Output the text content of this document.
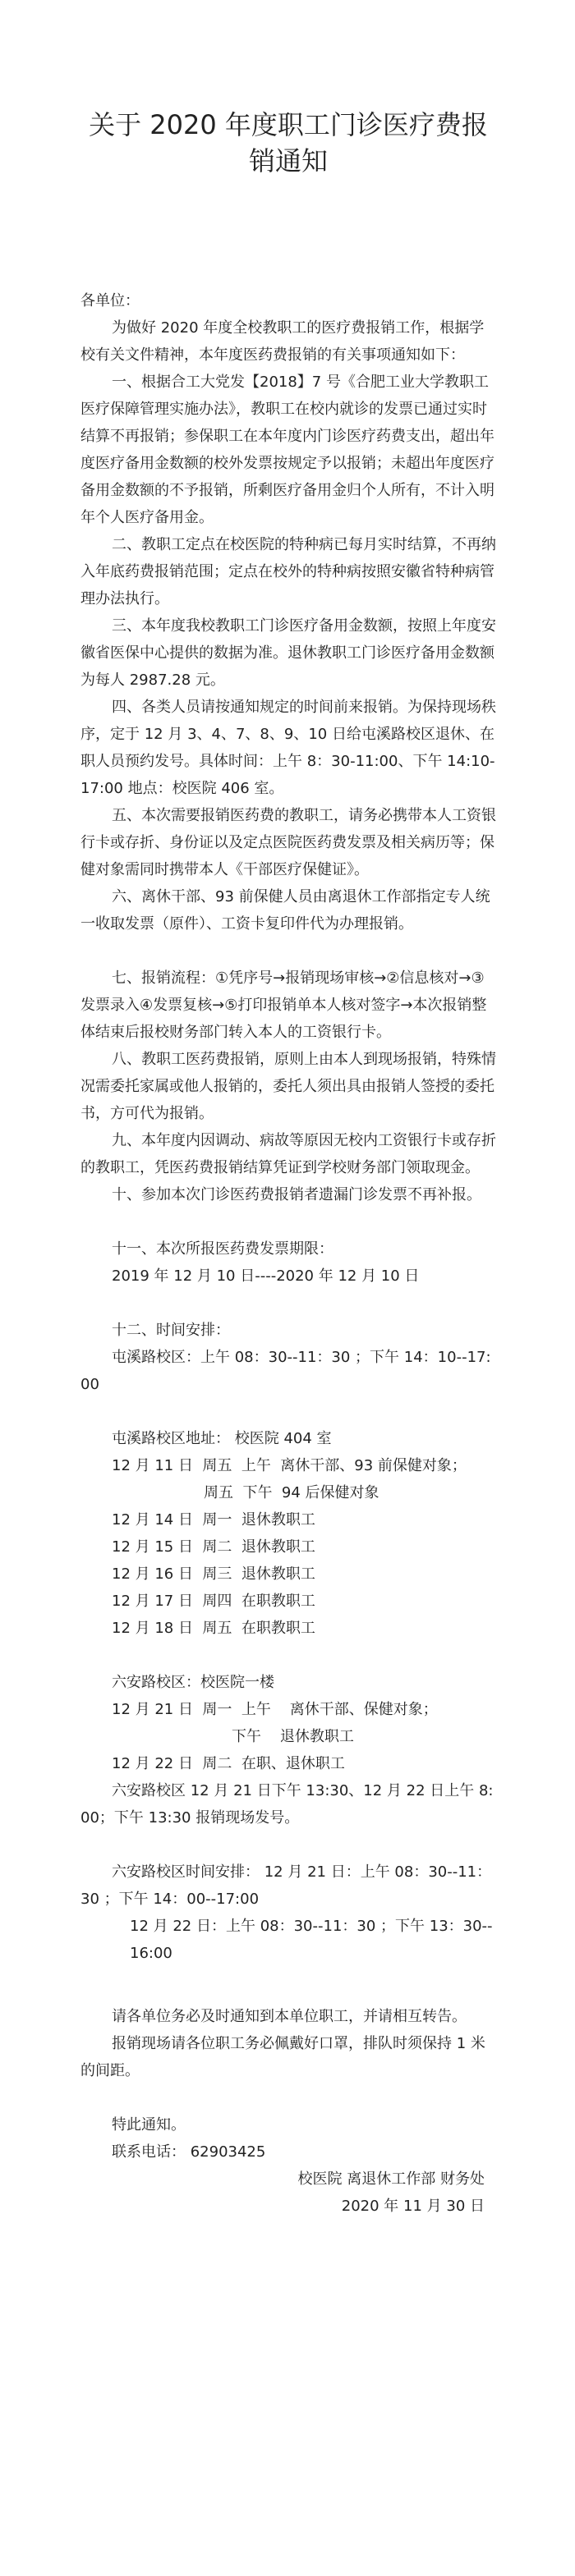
关于 2020 年度职工门诊医疗费报销通知

各单位：

为做好 2020 年度全校教职工的医疗费报销工作，根据学校有关文件精神，本年度医药费报销的有关事项通知如下：

一、根据合工大党发【2018】7 号《合肥工业大学教职工医疗保障管理实施办法》，教职工在校内就诊的发票已通过实时结算不再报销；参保职工在本年度内门诊医疗药费支出，超出年度医疗备用金数额的校外发票按规定予以报销；未超出年度医疗备用金数额的不予报销，所剩医疗备用金归个人所有，不计入明年个人医疗备用金。

二、教职工定点在校医院的特种病已每月实时结算，不再纳入年底药费报销范围；定点在校外的特种病按照安徽省特种病管理办法执行。

三、本年度我校教职工门诊医疗备用金数额，按照上年度安徽省医保中心提供的数据为准。退休教职工门诊医疗备用金数额为每人 2987.28 元。

四、各类人员请按通知规定的时间前来报销。为保持现场秩序，定于 12 月 3、4、7、8、9、10 日给屯溪路校区退休、在职人员预约发号。具体时间：上午 8：30-11:00、下午 14:10-17:00 地点：校医院 406 室。

五、本次需要报销医药费的教职工，请务必携带本人工资银行卡或存折、身份证以及定点医院医药费发票及相关病历等；保健对象需同时携带本人《干部医疗保健证》。

六、离休干部、93 前保健人员由离退休工作部指定专人统一收取发票（原件）、工资卡复印件代为办理报销。

七、报销流程：①凭序号→报销现场审核→②信息核对→③发票录入④发票复核→⑤打印报销单本人核对签字→本次报销整体结束后报校财务部门转入本人的工资银行卡。

八、教职工医药费报销，原则上由本人到现场报销，特殊情况需委托家属或他人报销的，委托人须出具由报销人签授的委托书，方可代为报销。

九、本年度内因调动、病故等原因无校内工资银行卡或存折的教职工，凭医药费报销结算凭证到学校财务部门领取现金。

十、参加本次门诊医药费报销者遗漏门诊发票不再补报。

十一、本次所报医药费发票期限：

2019 年 12 月 10 日----2020 年 12 月 10 日

十二、时间安排：

屯溪路校区：上午 08：30--11：30 ；下午 14：10--17:00

屯溪路校区地址： 校医院 404 室

12 月 11 日  周五  上午  离休干部、93 前保健对象；

周五  下午  94 后保健对象

12 月 14 日  周一  退休教职工

12 月 15 日  周二  退休教职工

12 月 16 日  周三  退休教职工

12 月 17 日  周四  在职教职工

12 月 18 日  周五  在职教职工

六安路校区：校医院一楼

12 月 21 日  周一  上午    离休干部、保健对象；

下午    退休教职工

12 月 22 日  周二  在职、退休职工

六安路校区 12 月 21 日下午 13:30、12 月 22 日上午 8:00；下午 13:30 报销现场发号。

六安路校区时间安排： 12 月 21 日：上午 08：30--11：30 ；下午 14：00--17:00

12 月 22 日：上午 08：30--11：30 ；下午 13：30--16:00

请各单位务必及时通知到本单位职工，并请相互转告。

报销现场请各位职工务必佩戴好口罩，排队时须保持 1 米的间距。

特此通知。

联系电话： 62903425

校医院 离退休工作部 财务处

2020 年 11 月 30 日
